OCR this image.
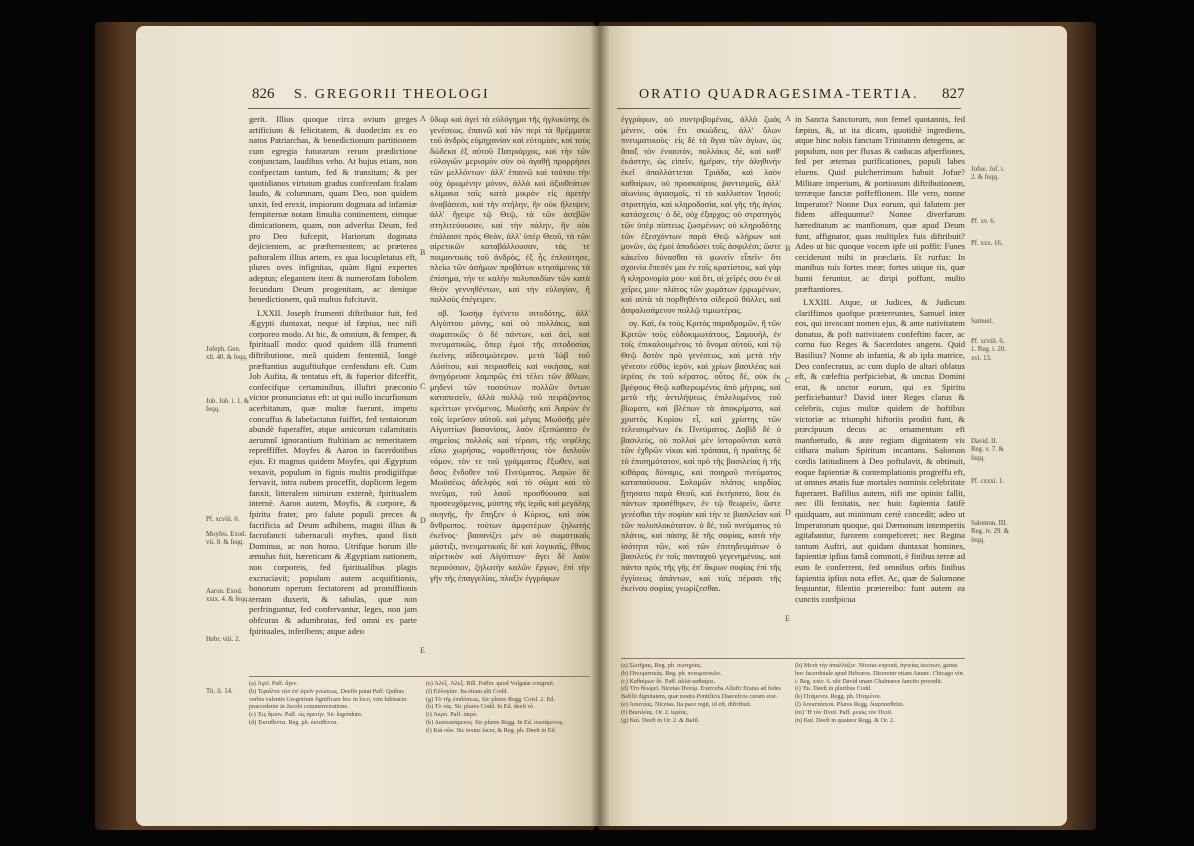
826 S. GREGORII THEOLOGI
Jofeph. Gen. xli. 40. & feqq.
Job. Job. i. 1. & feqq.
Pf. xcviii. 6.
Moyfes. Exod. vii. 8. & feqq.
Aaron. Exod. xxix. 4. & feqq.
Hebr. viii. 2.
Tit. ii. 14.

gerit. Illius quoque circa ovium greges artificium & felicitatem, & duodecim ex eo natos Patriarchas, & benedictionum partitionem cum egregia futurarum rerum prædictione conjunctam, laudibus veho. At hujus etiam, non confpectam tantum, fed & transitam; & per quotidianos virtutum gradus confcenfam fcalam laudo, & columnam, quam Deo, non quidem unxit, fed erexit, impiorum dogmata ad infamiæ fempiternæ notam fimulta continentem, eimque dimicationem, quam, non adverfus Deum, fed pro Deo fufcepit, Hariorum dogmata dejicientem, ac præfternentem; ac præterea paftoralem illius artem, ex qua locupletatus eft, plures oves infignitas, quàm figni expertes adeptus; elegantem item & numerofam fobolem fecundum Deum progenitam, ac denique benedictionem, quâ multos fufcitavit.

LXXII. Joseph frumenti diftributor fuit, fed Ægypti duntaxat, neque id fæpius, nec nifi corporeo modo. At hic, & omnium, & femper, & fpiritualî modo: quod quidem illâ frumenti diftributione, meâ quidem fententiâ, longè præftantius auguftiufque cenfendum eft. Cum Job Aufita, & tentatus eft, & fuperior difceffit, confecifque certaminibus, illuftri præconio victor pronunciatus eft: ut qui nullo incurfionum acerbitatum, quæ multæ fuerunt, impetu concuffus & labefactatus fuiffet, fed tentatorum abundè fuperaffet, atque amicorum calamitatis aerumnî ignorantium ftultitiam ac temeritatem repreffiffet. Moyfes & Aaron in facerdotibus ejus. Et magnus quidem Moyfes, qui Ægyptum vexavit, populum in fignis multis prodigiifque fervavit, intra nubem proceffit, duplicem legem fanxit, litteralem nimirum externè, fpiritualem internè. Aaron autem, Moyfis, & corpore, & fpiritu frater, pro falute populi preces & facrificia ad Deum adhibens, magni illius & facrofancti tabernaculi myftes, quod fixit Dominus, ac non homo. Utrifque horum ille æmulus fuit, hæreticam & Ægyptiam nationem, non corporeis, fed fpiritualibus plagis excruciavit; populum autem acquifitionis, bonorum operum fectatorem ad promiffionis terram duxerit, & tabulas, quæ non perfringuntur, fed confervantur, leges, non jam obfcuras & adumbratas, fed omni ex parte fpirituales, inferibens; atque adeo

A
B
C
D
E

ὕδωρ καὶ ἀγεὶ τὰ εὐλόγημα τῆς ἡγλυκύτης ἐκ γενέσεως. ἐπαινῶ καὶ τὸν περὶ τὰ θρέμματα τοῦ ἀνδρὸς εὐμηχανίαν καὶ εὐτομίαν, καὶ τοὺς δώδεκα ἐξ αὐτοῦ Πατριάρχας, καὶ τὴν τῶν εὐλογιῶν μερισμὸν σὺν οὐ ἀγαθῇ προρρήσει τῶν μελλόντων· ἀλλ' ἐπαινῶ καὶ τούτου τὴν οὐχ ὁρωμένην μόνον, ἀλλὰ καὶ ἀξιοθεάτων κλίμακα ταῖς κατὰ μικρὸν εἰς ἀρετὴν ἀναβάσεσι, καὶ τὴν στήλην, ἣν οὐκ ἤλειψεν, ἀλλ' ἤγειρε τῷ Θεῷ, τὰ τῶν ἀσεβῶν στηλιτεύουσαν, καὶ τὴν πάλην, ἣν οὐκ ἐπάλαισε πρὸς Θεὸν, ἀλλ' ὑπὲρ Θεοῦ, τὰ τῶν αἱρετικῶν καταβάλλουσαν, τάς τε ποιμαντικὰς τοῦ ἀνδρὸς, ἐξ ἧς ἐπλούτησε, πλείω τῶν ἀσήμων προβάτων κτησάμενος τὰ ἐπίσημα, τήν τε καλὴν πολυπαιδίαν τῶν κατὰ Θεὸν γεννηθέντων, καὶ τὴν εὐλογίαν, ἣ πολλοὺς ἐπέγειρεν.

οβ. Ἰωσὴφ ἐγένετο σιτοδότης, ἀλλ' Αἰγύπτου μόνης, καὶ οὐ πολλάκις, καὶ σωματικῶς· ὁ δὲ πάντων, καὶ ἀεὶ, καὶ πνευματικῶς, ὅπερ ἐμοὶ τῆς σιτοδοσίας ἐκείνης αἰδεσιμώτερον. μετὰ Ἰὼβ τοῦ Αὐσίτου, καὶ πειρασθεὶς καὶ νικήσας, καὶ ἀνηγόρευσε λαμπρῶς ἐπὶ τέλει τῶν ἄθλων, μηδενὶ τῶν τοσούτων πολλῶν ὄντων καταπεσεῖν, ἀλλὰ πολλῷ τοῦ πειράζοντος κρείττων γενόμενος. Μωϋσῆς καὶ Ἀαρὼν ἐν τοῖς ἱερεῦσιν αὐτοῦ. καὶ μέγας Μωϋσῆς μὲν Αἰγυπτίων βασανίσας, λαὸν ἐξεσώσατο ἐν σημείοις πολλοῖς καὶ τέρασι, τῆς νεφέλης εἴσω χωρήσας, νομοθετήσας τὸν διπλοῦν νόμον, τὸν τε τοῦ γράμματος ἔξωθεν, καὶ ὅσος ἔνδοθεν τοῦ Πνεύματος. Ἀαρὼν δὲ Μωϋσέως ἀδελφὸς καὶ τὸ σῶμα καὶ τὸ πνεῦμα, τοῦ λαοῦ προσθύουσα καὶ προσευχόμενος, μύστης τῆς ἱερᾶς καὶ μεγάλης σκηνῆς, ἣν ἔπηξεν ὁ Κύριος, καὶ οὐκ ἄνθρωπος. τούτων ἀμφοτέρων ζηλωτὴς ἐκεῖνος· βασανίζει μὲν οὐ σωματικαῖς μάστιξι, πνευματικαῖς δὲ καὶ λογικαῖς, ἔθνος αἱρετικὸν καὶ Αἰγύπτιον· ἄγει δὲ λαὸν περιούσιον, ζηλωτὴν καλῶν ἔργων, ἐπὶ τὴν γῆν τῆς ἐπαγγελίας, πλαξὶν ἐγγράφων

(a) Ἀγεῖ. Paff. ἄγεν.
(b) Ἐφιάλτα τῶν ἐπ' ἀρεῖν γνώσεως. Deeffe putat Paff. Quibus verbis valentis Gregorium fignificare hoc in loco, vim fubtracto praecedente in Jacobi commemoratione.
(c) Ἐις ἄμιον. Paff. εἰς ἀρετήν. Sic legendum.
(d) Ἐκταθέντα. Reg. ph. ἐκταθέντα.
(e) Ἀλέξ. Ἀλεξ. Bill. Paffer. quod Vulgatæ congruit.
(f) Εὐλογίαν. Ita etiam alii Codd.
(g) Τὸ τῆς ἐπιδόσεως. Sic plures Regg. Coisl. 2. Ed.
(h) Τὸ τὰς. Sic plures Codd. In Ed. deeft τὸ.
(i) Ἀκρὸ. Paff. ἀκρὸ.
(k) Διασωσάμενος. Sic plures Regg. In Ed. σωσάμενος.
(l) Καὶ οὐκ. Sic textus facer, & Reg. ph. Deeft in Ed.
ORATIO QUADRAGESIMA-TERTIA. 827

ἐγγράφων, οὐ συντριβομένας, ἀλλὰ ζωὰς μένειν, οὐκ ἔτι σκιώδεις, ἀλλ' ὅλων πνευματικοὺς· εἰς δὲ τὰ ἅγια τῶν ἁγίων, ὡς ἅπαξ τὸν ἐνιαυτὸν, πολλάκις δὲ, καὶ καθ' ἑκάστην, ὡς εἰπεῖν, ἡμέραν, τὴν ἀληθινὴν ἐκεῖ ἀπαλλάττεται Τριάδα, καὶ λαὸν καθαίρων, οὐ προσκαίροις ῥαντισμοῖς, ἀλλ' αἰωνίοις ἁγιασμοῖς. τί τὸ καλλιστον Ἰησοῦ; στρατηγία, καὶ κληροδοσία, καὶ γῆς τῆς ἁγίας κατάσχεσις· ὁ δὲ, οὐχ ἐξαρχος; οὐ στρατηγὸς τῶν ὑπὲρ πίστεως ζωσμένων; οὐ κληροδότης τῶν ἐξεσχόντων παρὰ Θεῷ κλήρων καὶ μονῶν, ὡς ἐμοὶ ἀποδώσει τοῖς ἀσφιλέσι; ὥστε κἀκεῖνο δύνασθαι τὸ φωνεῖν εἶπεῖν· ὅτι σχοινία ἔπεσέν μοι ἐν τοῖς κρατίστοις. καὶ γὰρ ἡ κληρονομία μου· καὶ ὅτι, αἱ χεῖρές σου ἐν αἱ χεῖρες μου· πλάτος τῶν χωμάτων ἐρρωμένων, καὶ αὐτὰ τὰ πορθηθέντα σίδεροῦ θάλλει, καὶ ἀσφαλισάμενον πολλῷ τιμιωτέρας.

ογ. Καὶ, ἐκ τοὺς Κριτὰς παραδραμῶν, ἢ τῶν Κριτῶν τοὺς εὐδοκιμωτάτους, Σαμουὴλ, ἐν τοῖς ἐπικαλουμένοις τὸ ὄνομα αὐτοῦ, καὶ τῷ Θεῷ δοτὸν πρὸ γενέσεως, καὶ μετὰ τὴν γένεσιν εὐθὺς ἱερὸν, καὶ χρίων βασιλέας καὶ ἱερέας ἐκ τοῦ κέρατος. οὗτος δὲ, οὐκ ἐκ βρέφους Θεῷ καθιερωμένος ἀπὸ μήτρας, καὶ μετὰ τῆς ἀντιλήψεως ἐπιλελυμένος τοῦ βίωματι, καὶ βλέπων τὰ ἀποκρίματα, καὶ χριστὸς Κυρίου εἶ, καὶ χρίστης τῶν τελειουμένων ἐκ Πνεύματος. Δαβὶδ δὲ ὁ βασιλεὺς, οὐ πολλοὶ μὲν ἱστοροῦνται κατὰ τῶν ἐχθρῶν νίκαι καὶ τρόπαια, ἡ πραότης δὲ τὸ ἐπισημότατον, καὶ πρὸ τῆς βασιλείας ἡ τῆς κιθάρας δύναμις, καὶ ποιηροῦ πνεύματος καταπαύουσα. Σολομῶν πλάτος καρδίας ᾔτησατο παρὰ Θεοῦ, καὶ ἐκτήσατο, ὅσα ἐκ πάντων προσέθηκεν, ἐν τῷ θεωρεῖν, ὥστε γενέσθαι τὴν σοφίαν καὶ τὴν τε βασιλείαν καὶ τῶν πολυπλοκότατον. ὁ δὲ, τοῦ πνεύματος τὸ πλάτος, καὶ πάσης δὲ τῆς σοφίας, κατὰ τὴν ἰσότητα τῶν, καὶ τῶν ἐπιτηδευμάτων ὁ βασιλεὺς ἐν τοῖς πανταχοῦ γεγενημένοις. καὶ πάντα πρὸς τῆς γῆς ἐπ' ἄκρων σοφίας ἐπὶ τῆς ἐγγίσεως ἁπάντων, καὶ τοῖς πέρασι τῆς ἐκείνου σοφίας γνωρίζεσθαι.

A
B
C
D
E

in Sancta Sanctorum, non femel quotannis, fed fæpius, &, ut ita dicam, quotidiè ingrediens, atque hinc nobis fanctam Trinitatem detegens, ac populum, non per fluxas & caducas afperfiones, fed per æternas purificationes, populi labes eluens. Quid pulcherrimum habuit Jofue? Militare imperium, & portionum diftributionem, terræque fanctæ poffeffionem. Ille vero, nonne Imperator? Nonne Dux eorum, qui falutem per fidem affequuntur? Nonne diverfarum hæreditatum ac manfionum, quæ apud Deum funt, affignator, quas multiplex fuis diftribuit? Adeo ut hic quoque vocem ipfe uti poffit: Funes ceciderunt mihi in præclaris. Et rurfus: In manibus tuis fortes meæ; fortes utique tis, quæ humi feruntur, ac diripi poffunt, multo præftantiores.

LXXIII. Atque, ut Judices, & Judicum clariffimos quofque prætereuntes, Samuel inter eos, qui invocant nomen ejus, & ante nativitatem donatus, & poft nativitatem confeftim facer, ac cornu fuo Reges & Sacerdotes ungens. Quid Basilius? Nonne ab infantia, & ab ipfa matrice, Deo confecratus, ac cum duplo de altari oblatus eft, & cœleftia perfpiciebat, & unctus Domini erat, & unctor eorum, qui ex Spiritu perficiebantur? David inter Reges clarus & celebris, cujus multæ quidem de hoftibus victoriæ ac triumphi hiftoriis proditi funt, & præcipuum decus ac ornamentum eft manfuetudo, & ante regiam dignitatem vis cithara malum Spiritum incantans. Salomon cordis latitudinem à Deo poftulavit, & obtinuit, eoque fapientiæ & contemplationis progreffu eft, ut omnes ætatis fuæ mortales nominis celebritate fuperaret. Bafilius autem, nifi me opinio fallit, nec illi fenitatis, nec huic fapientia fatifè quidquam, aut minimum certè concedit; adeo ut Imperatorum quoque, qui Dæmonum intemperiis agitabantur, furorem compefceret; nec Regina tantum Auftri, aut quidam duntaxat homines, fapientiæ ipfius famâ commoti, è finibus terræ ad eum fe conferrent, fed omnibus orbis finibus fapientia ipfius nota effet. Ac, quæ de Salomone fequuntur, filentio prætereibo: funt autem ea cunctis confpicua

Jofue. Jof. i. 2. & feqq.
Pf. xv. 6.
Pf. xxx. 16.
Samuel.
Pf. xcviii. 6. 1. Reg. i. 20. xvi. 13.
David. II. Reg. v. 7. & feqq.
Pf. cxxxi. 1.
Salomon. III. Reg. iv. 29. & feqq.
(a) Σωτῆρας. Reg. ph. σωτηρίας.
(b) Πνευματικὰς. Reg. ph. πνευματικῶν.
(c) Καθαίρων δὲ. Paff. ἀλλὰ καθαίρει.
(d) Ὅτι θεωρεῖ. Nicetas Πνευμ. Exerceba Allufir Eraius ad fedes Bafilii dignitatem, quæ nostra Pontificis Diæcefcos curam erat.
(e) Ἀπιστίας. Nicetas. Ita pace regit, id eft, diftribuit.
(f) Βασιλέας. Or. 2. ἱερέας.
(g) Καὶ. Deeft in Or. 2. & Bafil.
(h) Μετὰ τὴν ἀπαλλάξιν. Nicetas exponit, ἁγνείας ἐκείνων, genus hoc facerdotale apud Hebræos. Diceretur etiam Anunc. Chicago vin. i. Reg. xxiv. 6. ubi David unam Chalmæos fancito procedit.
(i) Ἐκ. Deeft in pluribus Codd.
(k) Πτάμενοι. Regg. ph. Πταμένοι.
(l) Ἀποσπάσεσι. Plures Regg. διαρπασθεῖσι.
(m) Ἢ τὸν Πνεῦ. Paff. μειῶς τὸν Πνεῦ.
(n) Καὶ. Deeft in quatuor Regg. & Or. 2.
